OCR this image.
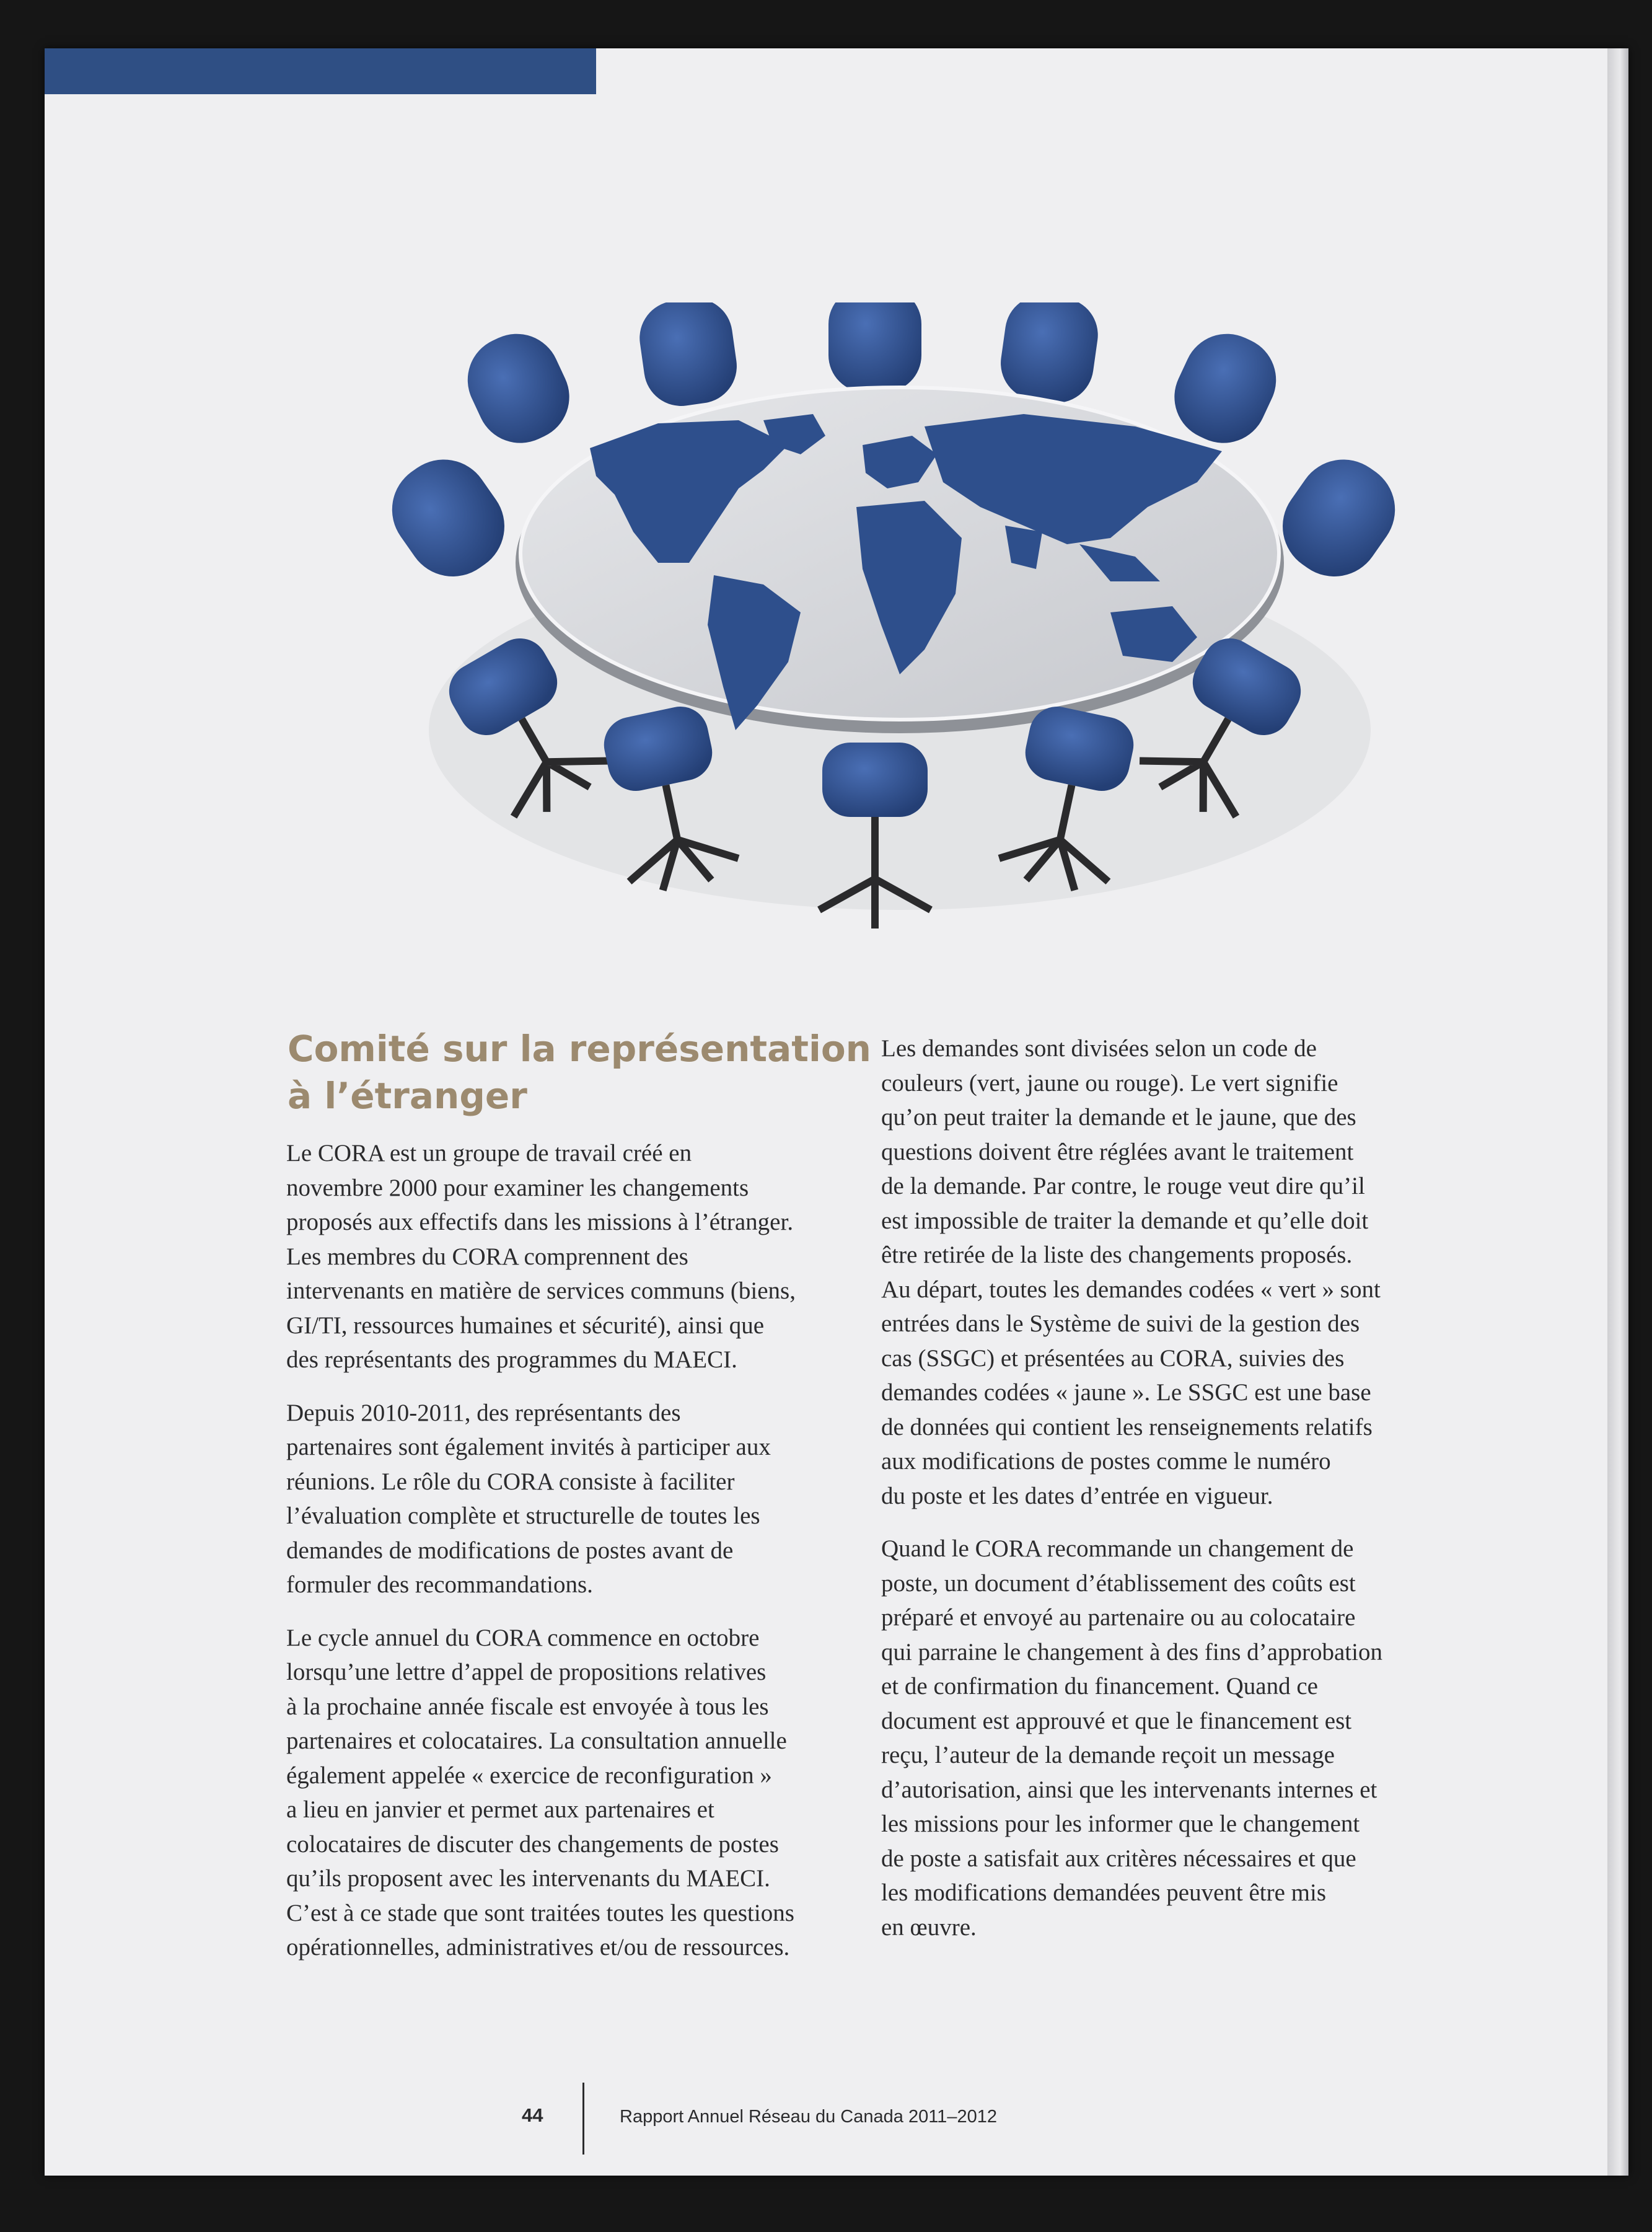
Comité sur la représentation
à l’étranger

Le CORA est un groupe de travail créé en
novembre 2000 pour examiner les changements
proposés aux effectifs dans les missions à l’étranger.
Les membres du CORA comprennent des
intervenants en matière de services communs (biens,
GI/TI, ressources humaines et sécurité), ainsi que
des représentants des programmes du MAECI.

Depuis 2010-2011, des représentants des
partenaires sont également invités à participer aux
réunions. Le rôle du CORA consiste à faciliter
l’évaluation complète et structurelle de toutes les
demandes de modifications de postes avant de
formuler des recommandations.

Le cycle annuel du CORA commence en octobre
lorsqu’une lettre d’appel de propositions relatives
à la prochaine année fiscale est envoyée à tous les
partenaires et colocataires. La consultation annuelle
également appelée « exercice de reconfiguration »
a lieu en janvier et permet aux partenaires et
colocataires de discuter des changements de postes
qu’ils proposent avec les intervenants du MAECI.
C’est à ce stade que sont traitées toutes les questions
opérationnelles, administratives et/ou de ressources.

Les demandes sont divisées selon un code de
couleurs (vert, jaune ou rouge). Le vert signifie
qu’on peut traiter la demande et le jaune, que des
questions doivent être réglées avant le traitement
de la demande. Par contre, le rouge veut dire qu’il
est impossible de traiter la demande et qu’elle doit
être retirée de la liste des changements proposés.
Au départ, toutes les demandes codées « vert » sont
entrées dans le Système de suivi de la gestion des
cas (SSGC) et présentées au CORA, suivies des
demandes codées « jaune ». Le SSGC est une base
de données qui contient les renseignements relatifs
aux modifications de postes comme le numéro
du poste et les dates d’entrée en vigueur.

Quand le CORA recommande un changement de
poste, un document d’établissement des coûts est
préparé et envoyé au partenaire ou au colocataire
qui parraine le changement à des fins d’approbation
et de confirmation du financement. Quand ce
document est approuvé et que le financement est
reçu, l’auteur de la demande reçoit un message
d’autorisation, ainsi que les intervenants internes et
les missions pour les informer que le changement
de poste a satisfait aux critères nécessaires et que
les modifications demandées peuvent être mis
en œuvre.

44	Rapport Annuel Réseau du Canada 2011–2012
